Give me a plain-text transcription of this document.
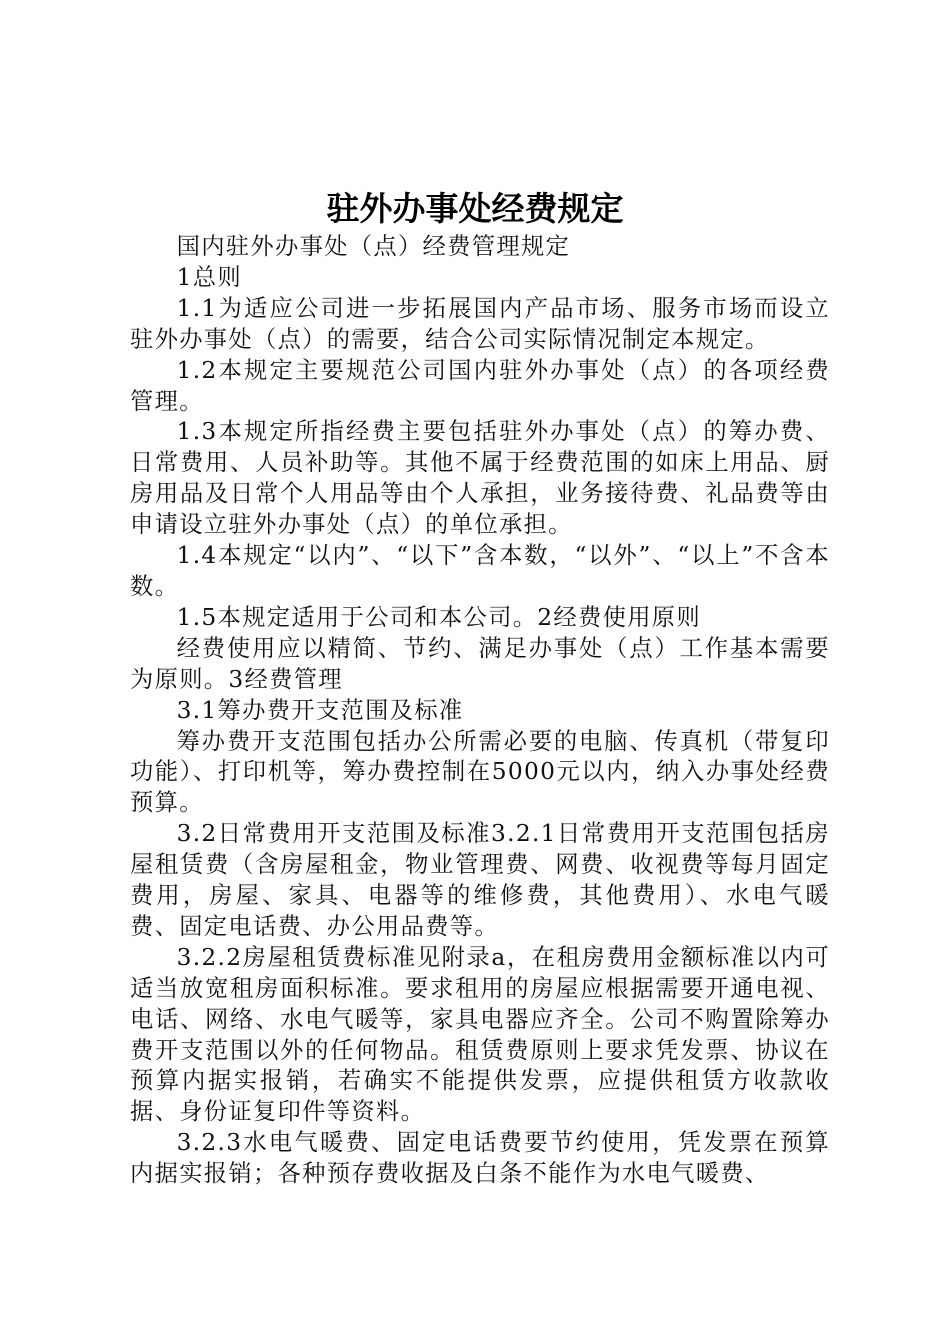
驻外办事处经费规定

国内驻外办事处（点）经费管理规定

1总则

1.1为适应公司进一步拓展国内产品市场、服务市场而设立驻外办事处（点）的需要，结合公司实际情况制定本规定。

1.2本规定主要规范公司国内驻外办事处（点）的各项经费管理。

1.3本规定所指经费主要包括驻外办事处（点）的筹办费、日常费用、人员补助等。其他不属于经费范围的如床上用品、厨房用品及日常个人用品等由个人承担，业务接待费、礼品费等由申请设立驻外办事处（点）的单位承担。

1.4本规定“以内”、“以下”含本数，“以外”、“以上”不含本数。

1.5本规定适用于公司和本公司。2经费使用原则

经费使用应以精简、节约、满足办事处（点）工作基本需要为原则。3经费管理

3.1筹办费开支范围及标准

筹办费开支范围包括办公所需必要的电脑、传真机（带复印功能）、打印机等，筹办费控制在5000元以内，纳入办事处经费预算。

3.2日常费用开支范围及标准3.2.1日常费用开支范围包括房屋租赁费（含房屋租金，物业管理费、网费、收视费等每月固定费用，房屋、家具、电器等的维修费，其他费用）、水电气暖费、固定电话费、办公用品费等。

3.2.2房屋租赁费标准见附录a，在租房费用金额标准以内可适当放宽租房面积标准。要求租用的房屋应根据需要开通电视、电话、网络、水电气暖等，家具电器应齐全。公司不购置除筹办费开支范围以外的任何物品。租赁费原则上要求凭发票、协议在预算内据实报销，若确实不能提供发票，应提供租赁方收款收据、身份证复印件等资料。

3.2.3水电气暖费、固定电话费要节约使用，凭发票在预算内据实报销；各种预存费收据及白条不能作为水电气暖费、
